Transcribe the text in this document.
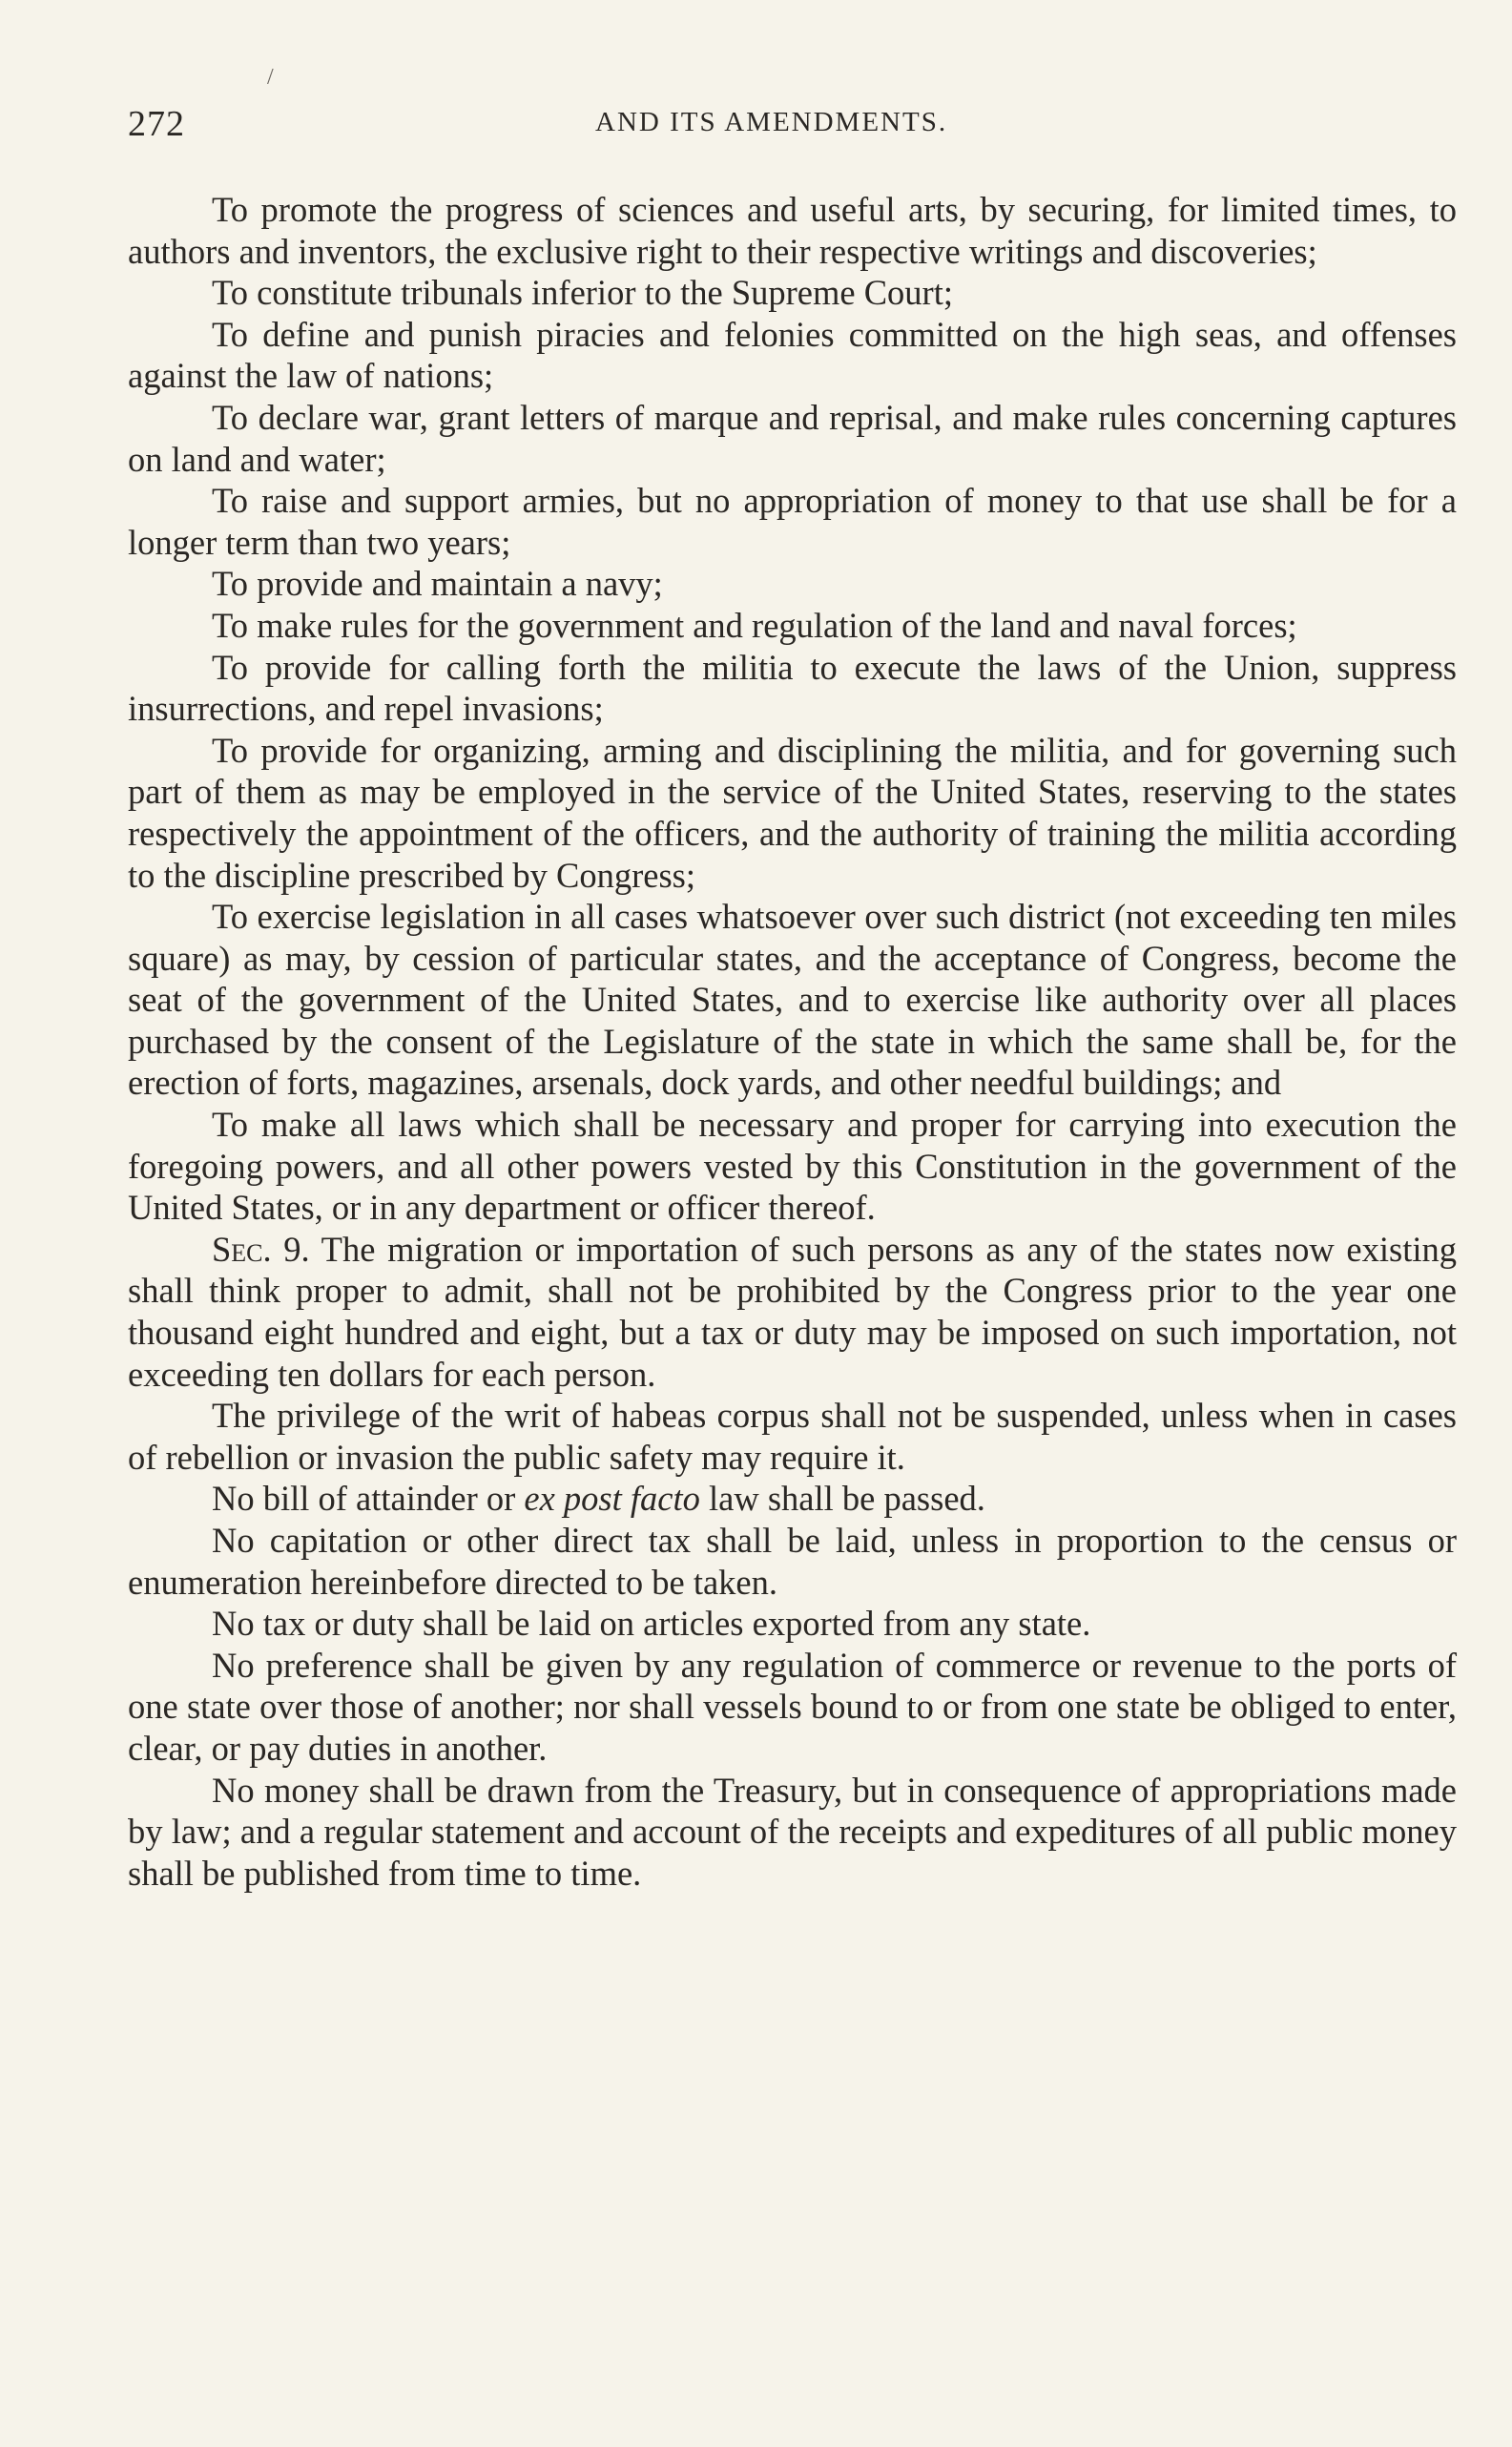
/
272	AND ITS AMENDMENTS.

To promote the progress of sciences and useful arts, by securing, for limited times, to authors and inventors, the exclusive right to their respective writings and discoveries;

To constitute tribunals inferior to the Supreme Court;

To define and punish piracies and felonies committed on the high seas, and offenses against the law of nations;

To declare war, grant letters of marque and reprisal, and make rules concerning captures on land and water;

To raise and support armies, but no appropriation of money to that use shall be for a longer term than two years;

To provide and maintain a navy;

To make rules for the government and regulation of the land and naval forces;

To provide for calling forth the militia to execute the laws of the Union, suppress insurrections, and repel invasions;

To provide for organizing, arming and disciplining the militia, and for governing such part of them as may be employed in the service of the United States, reserving to the states respectively the appointment of the officers, and the authority of training the militia according to the discipline prescribed by Congress;

To exercise legislation in all cases whatsoever over such district (not exceeding ten miles square) as may, by cession of particular states, and the acceptance of Congress, become the seat of the government of the United States, and to exercise like authority over all places purchased by the consent of the Legislature of the state in which the same shall be, for the erection of forts, magazines, arsenals, dock yards, and other needful buildings; and

To make all laws which shall be necessary and proper for carrying into execution the foregoing powers, and all other powers vested by this Constitution in the government of the United States, or in any department or officer thereof.

Sec. 9. The migration or importation of such persons as any of the states now existing shall think proper to admit, shall not be prohibited by the Congress prior to the year one thousand eight hundred and eight, but a tax or duty may be imposed on such importation, not exceeding ten dollars for each person.

The privilege of the writ of habeas corpus shall not be suspended, unless when in cases of rebellion or invasion the public safety may require it.

No bill of attainder or ex post facto law shall be passed.

No capitation or other direct tax shall be laid, unless in proportion to the census or enumeration hereinbefore directed to be taken.

No tax or duty shall be laid on articles exported from any state.

No preference shall be given by any regulation of commerce or revenue to the ports of one state over those of another; nor shall vessels bound to or from one state be obliged to enter, clear, or pay duties in another.

No money shall be drawn from the Treasury, but in consequence of appropriations made by law; and a regular statement and account of the receipts and expeditures of all public money shall be published from time to time.
